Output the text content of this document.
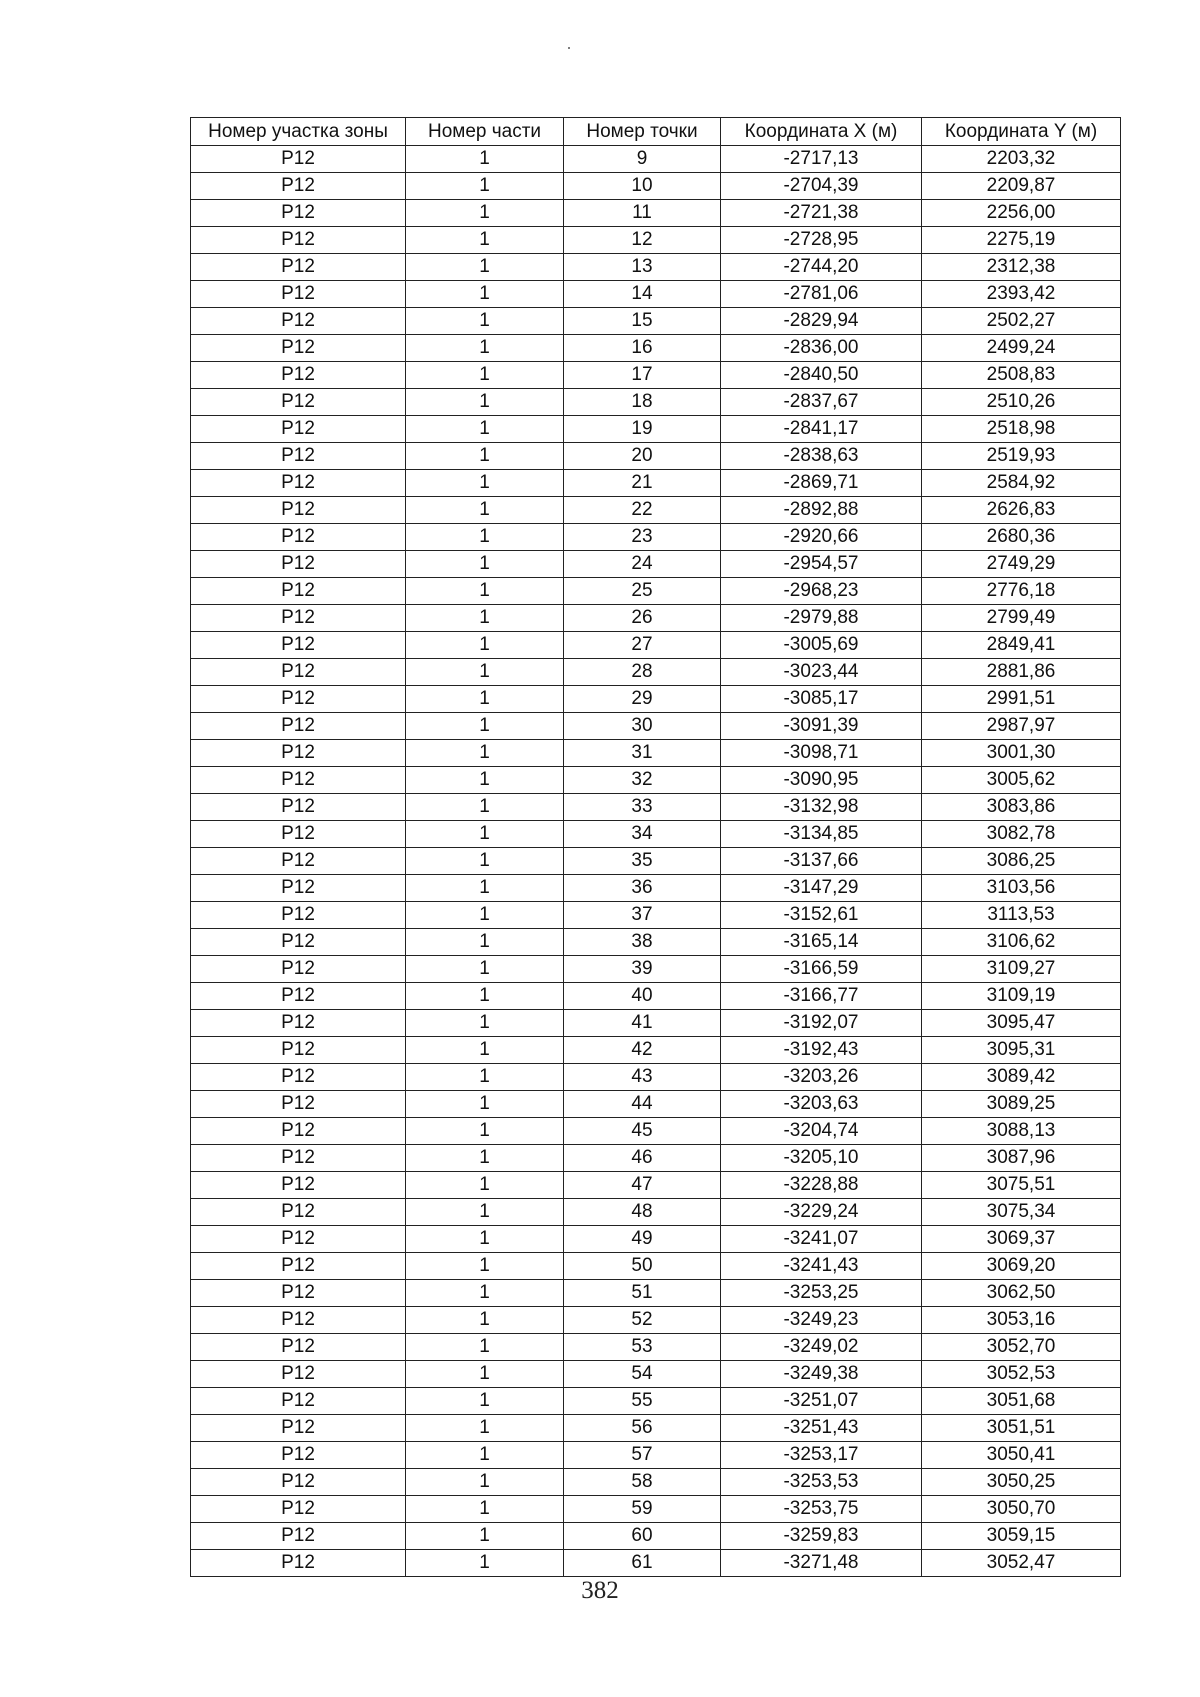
Номер участка зоны	Номер части	Номер точки	Координата X (м)	Координата Y (м)
P12	1	9	-2717,13	2203,32
P12	1	10	-2704,39	2209,87
P12	1	11	-2721,38	2256,00
P12	1	12	-2728,95	2275,19
P12	1	13	-2744,20	2312,38
P12	1	14	-2781,06	2393,42
P12	1	15	-2829,94	2502,27
P12	1	16	-2836,00	2499,24
P12	1	17	-2840,50	2508,83
P12	1	18	-2837,67	2510,26
P12	1	19	-2841,17	2518,98
P12	1	20	-2838,63	2519,93
P12	1	21	-2869,71	2584,92
P12	1	22	-2892,88	2626,83
P12	1	23	-2920,66	2680,36
P12	1	24	-2954,57	2749,29
P12	1	25	-2968,23	2776,18
P12	1	26	-2979,88	2799,49
P12	1	27	-3005,69	2849,41
P12	1	28	-3023,44	2881,86
P12	1	29	-3085,17	2991,51
P12	1	30	-3091,39	2987,97
P12	1	31	-3098,71	3001,30
P12	1	32	-3090,95	3005,62
P12	1	33	-3132,98	3083,86
P12	1	34	-3134,85	3082,78
P12	1	35	-3137,66	3086,25
P12	1	36	-3147,29	3103,56
P12	1	37	-3152,61	3113,53
P12	1	38	-3165,14	3106,62
P12	1	39	-3166,59	3109,27
P12	1	40	-3166,77	3109,19
P12	1	41	-3192,07	3095,47
P12	1	42	-3192,43	3095,31
P12	1	43	-3203,26	3089,42
P12	1	44	-3203,63	3089,25
P12	1	45	-3204,74	3088,13
P12	1	46	-3205,10	3087,96
P12	1	47	-3228,88	3075,51
P12	1	48	-3229,24	3075,34
P12	1	49	-3241,07	3069,37
P12	1	50	-3241,43	3069,20
P12	1	51	-3253,25	3062,50
P12	1	52	-3249,23	3053,16
P12	1	53	-3249,02	3052,70
P12	1	54	-3249,38	3052,53
P12	1	55	-3251,07	3051,68
P12	1	56	-3251,43	3051,51
P12	1	57	-3253,17	3050,41
P12	1	58	-3253,53	3050,25
P12	1	59	-3253,75	3050,70
P12	1	60	-3259,83	3059,15
P12	1	61	-3271,48	3052,47
382
